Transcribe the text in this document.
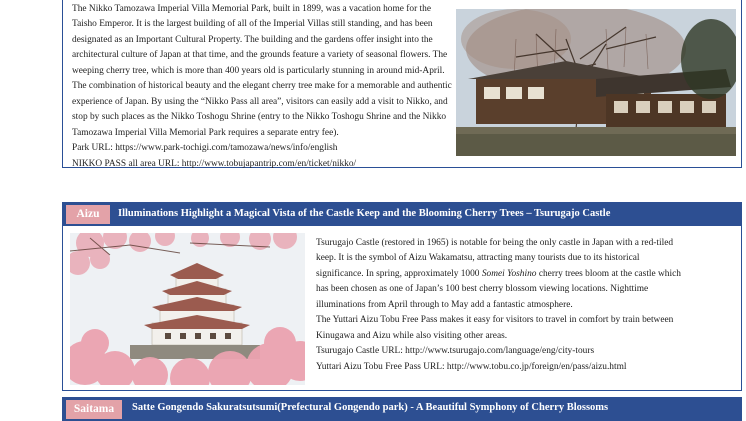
The Nikko Tamozawa Imperial Villa Memorial Park, built in 1899, was a vacation home for the Taisho Emperor. It is the largest building of all of the Imperial Villas still standing, and has been designated as an Important Cultural Property. The building and the gardens offer insight into the architectural culture of Japan at that time, and the grounds feature a variety of seasonal flowers. The weeping cherry tree, which is more than 400 years old is particularly stunning in around mid-April. The combination of historical beauty and the elegant cherry tree make for a memorable and authentic experience of Japan. By using the “Nikko Pass all area”, visitors can easily add a visit to Nikko, and stop by such places as the Nikko Toshogu Shrine (entry to the Nikko Toshogu Shrine and the Nikko Tamozawa Imperial Villa Memorial Park requires a separate entry fee).

Park URL: https://www.park-tochigi.com/tamozawa/news/info/english

NIKKO PASS all area URL: http://www.tobujapantrip.com/en/ticket/nikko/

Aizu	Illuminations Highlight a Magical Vista of the Castle Keep and the Blooming Cherry Trees – Tsurugajo Castle

Tsurugajo Castle (restored in 1965) is notable for being the only castle in Japan with a red-tiled keep. It is the symbol of Aizu Wakamatsu, attracting many tourists due to its historical significance. In spring, approximately 1000 Somei Yoshino cherry trees bloom at the castle which has been chosen as one of Japan’s 100 best cherry blossom viewing locations. Nighttime illuminations from April through to May add a fantastic atmosphere.

The Yuttari Aizu Tobu Free Pass makes it easy for visitors to travel in comfort by train between Kinugawa and Aizu while also visiting other areas.

Tsurugajo Castle URL: http://www.tsurugajo.com/language/eng/city-tours

Yuttari Aizu Tobu Free Pass URL: http://www.tobu.co.jp/foreign/en/pass/aizu.html

Saitama	Satte Gongendo Sakuratsutsumi(Prefectural Gongendo park) - A Beautiful Symphony of Cherry Blossoms
